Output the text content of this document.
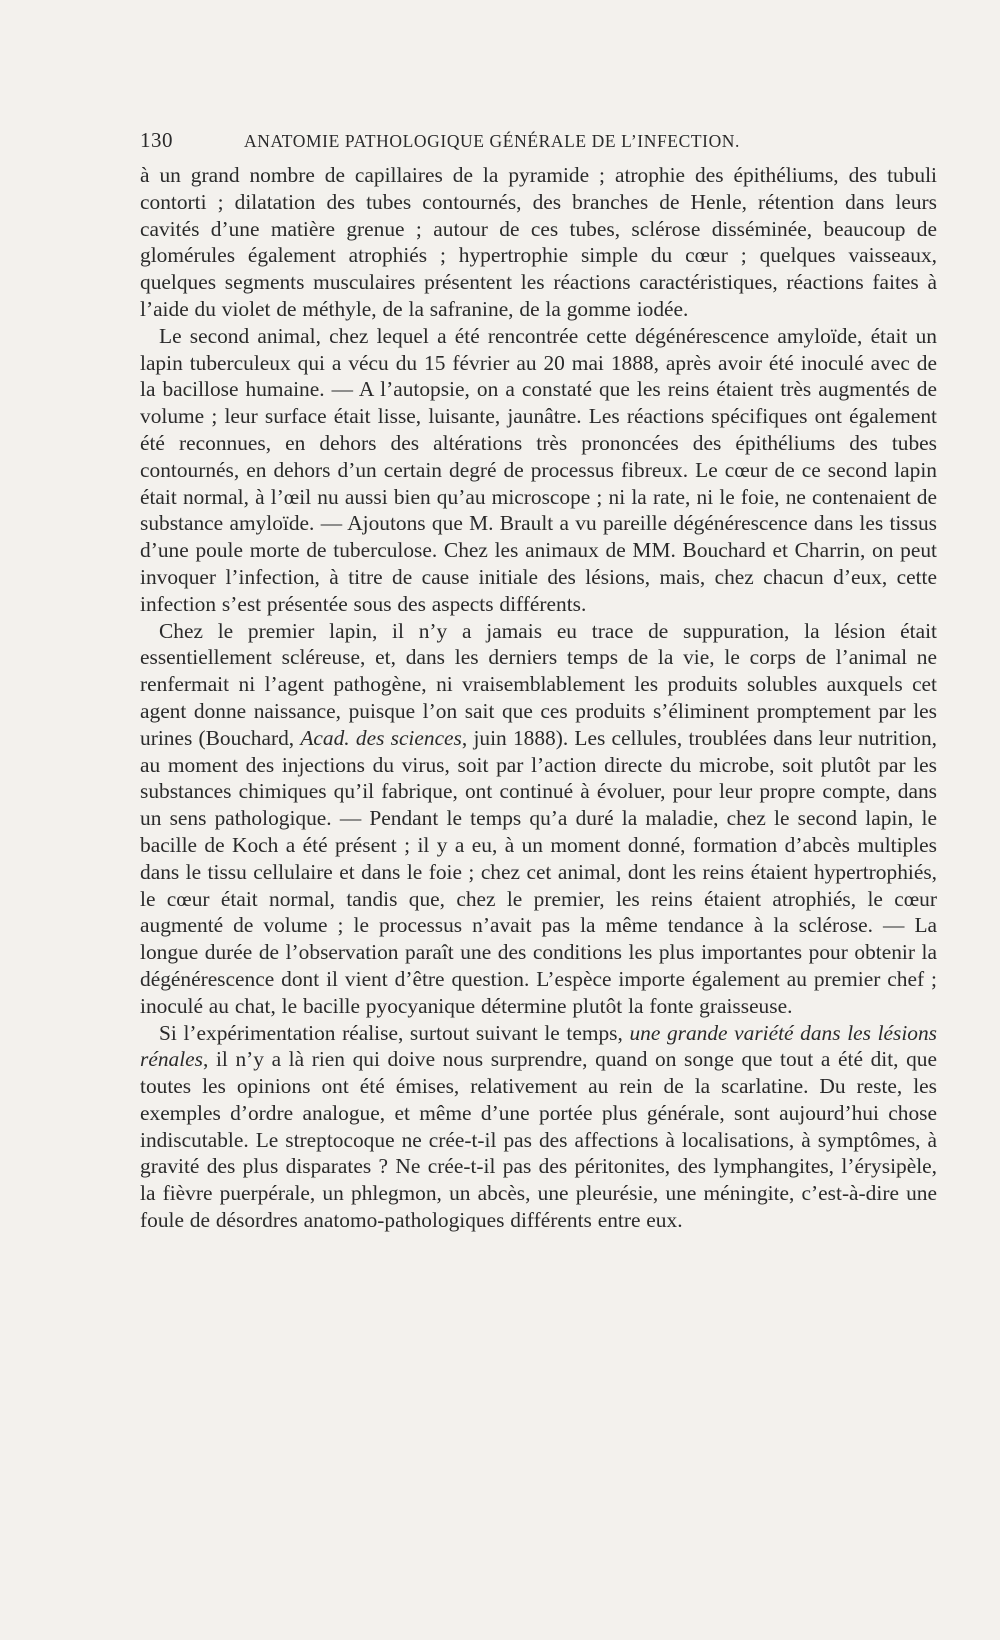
130	ANATOMIE PATHOLOGIQUE GÉNÉRALE DE L’INFECTION.

à un grand nombre de capillaires de la pyramide ; atrophie des épithéliums, des tubuli contorti ; dilatation des tubes contournés, des branches de Henle, rétention dans leurs cavités d’une matière grenue ; autour de ces tubes, sclérose disséminée, beaucoup de glomérules également atrophiés ; hypertrophie simple du cœur ; quelques vaisseaux, quelques segments musculaires présentent les réactions caractéristiques, réactions faites à l’aide du violet de méthyle, de la safranine, de la gomme iodée.

Le second animal, chez lequel a été rencontrée cette dégénérescence amyloïde, était un lapin tuberculeux qui a vécu du 15 février au 20 mai 1888, après avoir été inoculé avec de la bacillose humaine. — A l’autopsie, on a constaté que les reins étaient très augmentés de volume ; leur surface était lisse, luisante, jaunâtre. Les réactions spécifiques ont également été reconnues, en dehors des altérations très prononcées des épithéliums des tubes contournés, en dehors d’un certain degré de processus fibreux. Le cœur de ce second lapin était normal, à l’œil nu aussi bien qu’au microscope ; ni la rate, ni le foie, ne contenaient de substance amyloïde. — Ajoutons que M. Brault a vu pareille dégénérescence dans les tissus d’une poule morte de tuberculose. Chez les animaux de MM. Bouchard et Charrin, on peut invoquer l’infection, à titre de cause initiale des lésions, mais, chez chacun d’eux, cette infection s’est présentée sous des aspects différents.

Chez le premier lapin, il n’y a jamais eu trace de suppuration, la lésion était essentiellement scléreuse, et, dans les derniers temps de la vie, le corps de l’animal ne renfermait ni l’agent pathogène, ni vraisemblablement les produits solubles auxquels cet agent donne naissance, puisque l’on sait que ces produits s’éliminent promptement par les urines (Bouchard, Acad. des sciences, juin 1888). Les cellules, troublées dans leur nutrition, au moment des injections du virus, soit par l’action directe du microbe, soit plutôt par les substances chimiques qu’il fabrique, ont continué à évoluer, pour leur propre compte, dans un sens pathologique. — Pendant le temps qu’a duré la maladie, chez le second lapin, le bacille de Koch a été présent ; il y a eu, à un moment donné, formation d’abcès multiples dans le tissu cellulaire et dans le foie ; chez cet animal, dont les reins étaient hypertrophiés, le cœur était normal, tandis que, chez le premier, les reins étaient atrophiés, le cœur augmenté de volume ; le processus n’avait pas la même tendance à la sclérose. — La longue durée de l’observation paraît une des conditions les plus importantes pour obtenir la dégénérescence dont il vient d’être question. L’espèce importe également au premier chef ; inoculé au chat, le bacille pyocyanique détermine plutôt la fonte graisseuse.

Si l’expérimentation réalise, surtout suivant le temps, une grande variété dans les lésions rénales, il n’y a là rien qui doive nous surprendre, quand on songe que tout a été dit, que toutes les opinions ont été émises, relativement au rein de la scarlatine. Du reste, les exemples d’ordre analogue, et même d’une portée plus générale, sont aujourd’hui chose indiscutable. Le streptocoque ne crée-t-il pas des affections à localisations, à symptômes, à gravité des plus disparates ? Ne crée-t-il pas des péritonites, des lymphangites, l’érysipèle, la fièvre puerpérale, un phlegmon, un abcès, une pleurésie, une méningite, c’est-à-dire une foule de désordres anatomo-pathologiques différents entre eux.
